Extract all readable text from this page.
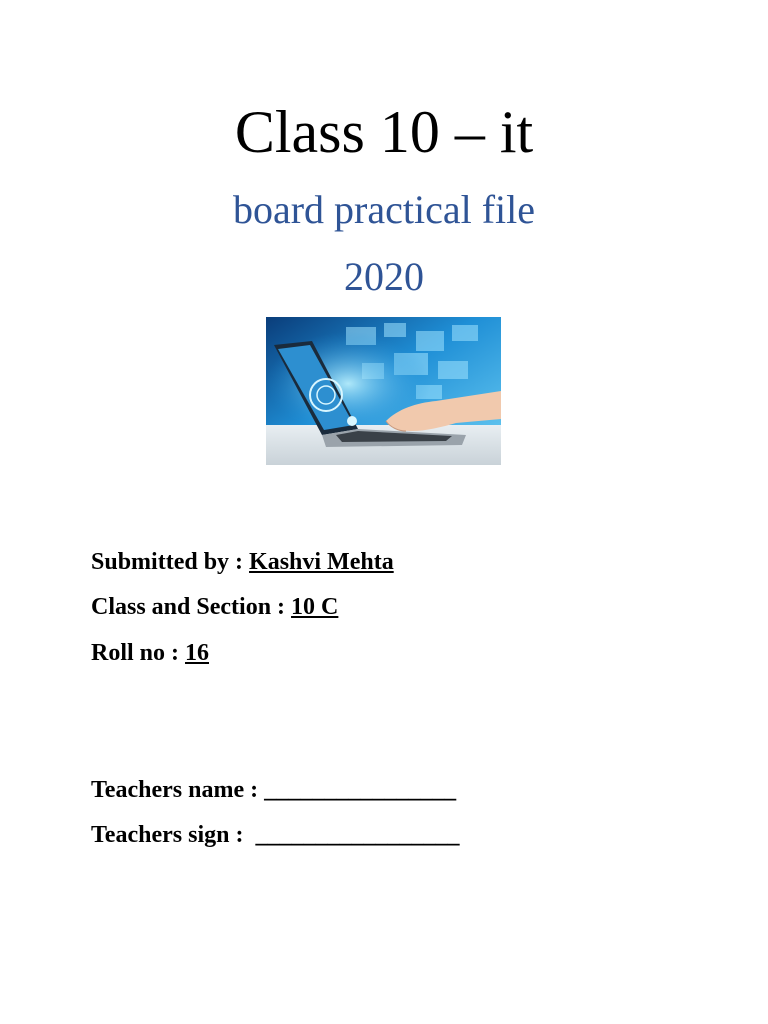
Class 10 – it
board practical file
2020
Submitted by : Kashvi Mehta
Class and Section : 10 C
Roll no : 16
Teachers name : ________________
Teachers sign :  _________________
